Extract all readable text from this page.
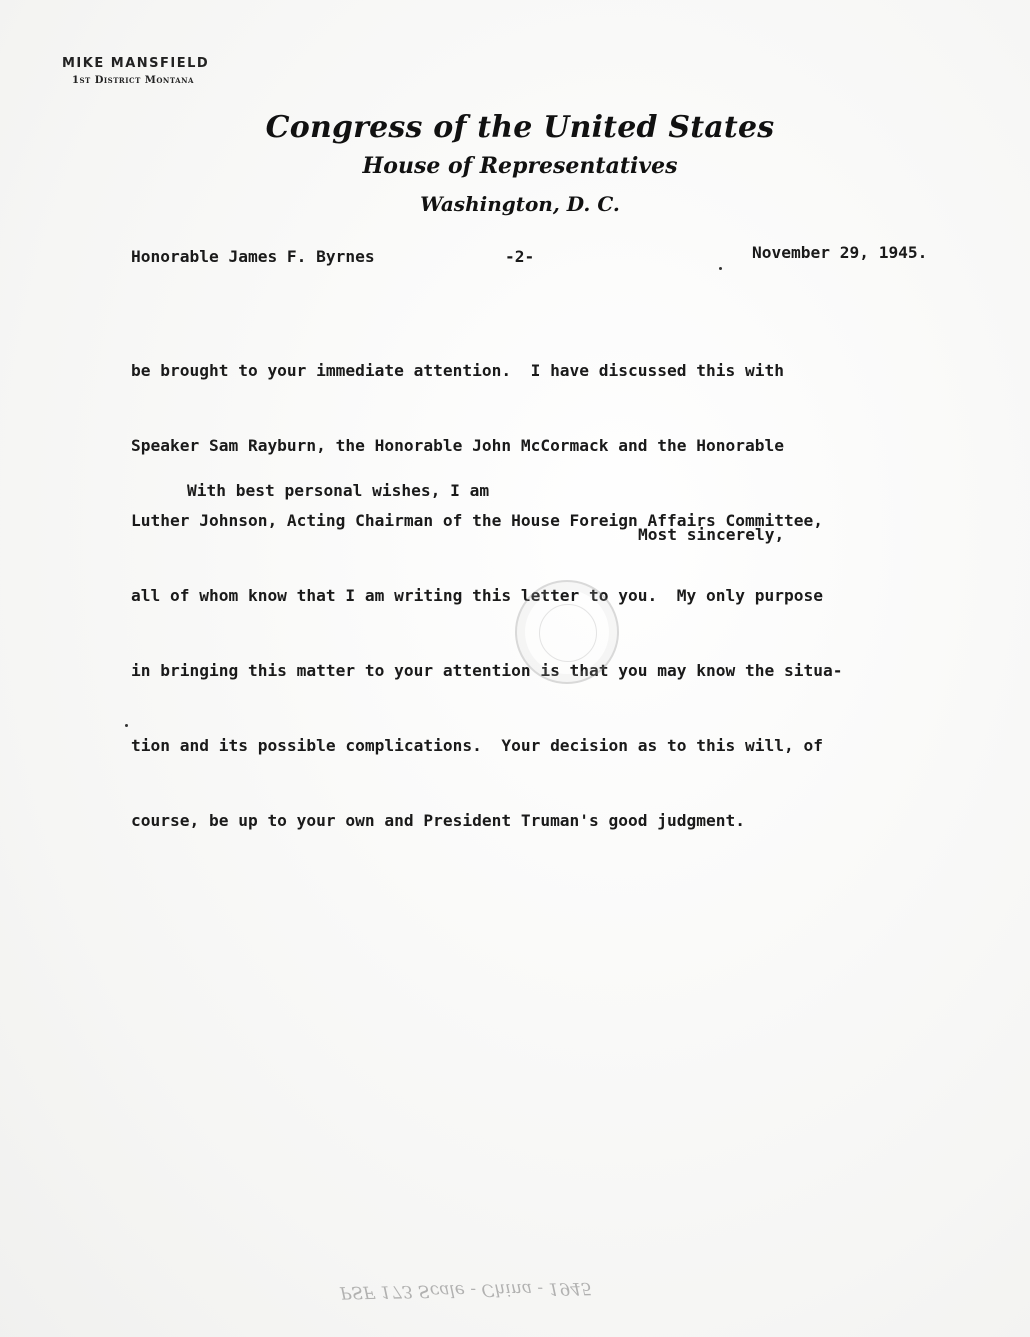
MIKE MANSFIELD
1st District Montana
Congress of the United States
House of Representatives
Washington, D. C.
Honorable James F. Byrnes	-2-	November 29, 1945.

be brought to your immediate attention.  I have discussed this with

Speaker Sam Rayburn, the Honorable John McCormack and the Honorable

Luther Johnson, Acting Chairman of the House Foreign Affairs Committee,

all of whom know that I am writing this letter to you.  My only purpose

in bringing this matter to your attention is that you may know the situa-

tion and its possible complications.  Your decision as to this will, of

course, be up to your own and President Truman's good judgment.

With best personal wishes, I am
Most sincerely,
PSF 173 Scale - China - 1945
